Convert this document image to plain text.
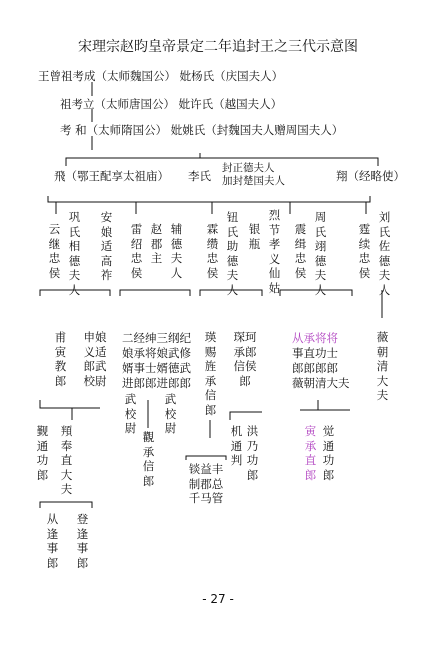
宋理宗赵昀皇帝景定二年追封王之三代示意图
王曾祖考成（太师魏国公） 妣杨氏（庆国夫人）
祖考立（太师唐国公） 妣许氏（越国夫人）
考 和（太师隋国公） 妣姚氏（封魏国夫人赠周国夫人）
飛（鄂王配享太祖庙） 李氏
封正德夫人
加封楚国夫人	翔（经略使）
云继忠侯
巩氏相德夫人
安娘适高祚
雷绍忠侯
赵郡主
辅德夫人
霖缵忠侯
钮氏助德夫人
银瓶
烈节孝义仙姑
震缉忠侯
周氏翊德夫人
霆续忠侯
刘氏佐德夫人
甫寅教郎
申娘义适郎武校尉
二经绅三纲纪
娘承将娘武修
婿事士婿德武
进郎郎进郎郎
武校尉
武校尉
瑛赐旌承信郎
琛珂承郎信侯郎
从承将将
事直功士
郎郎郎郎
薇朝清大夫
薇朝清大夫
觐通功郎
頖奉直大夫
觀承信郎
机通判
洪乃功郎
寅承直郎
觉通功郎
从逢事郎
登逢事郎
锬益丰制郡总千马管
- 27 -
